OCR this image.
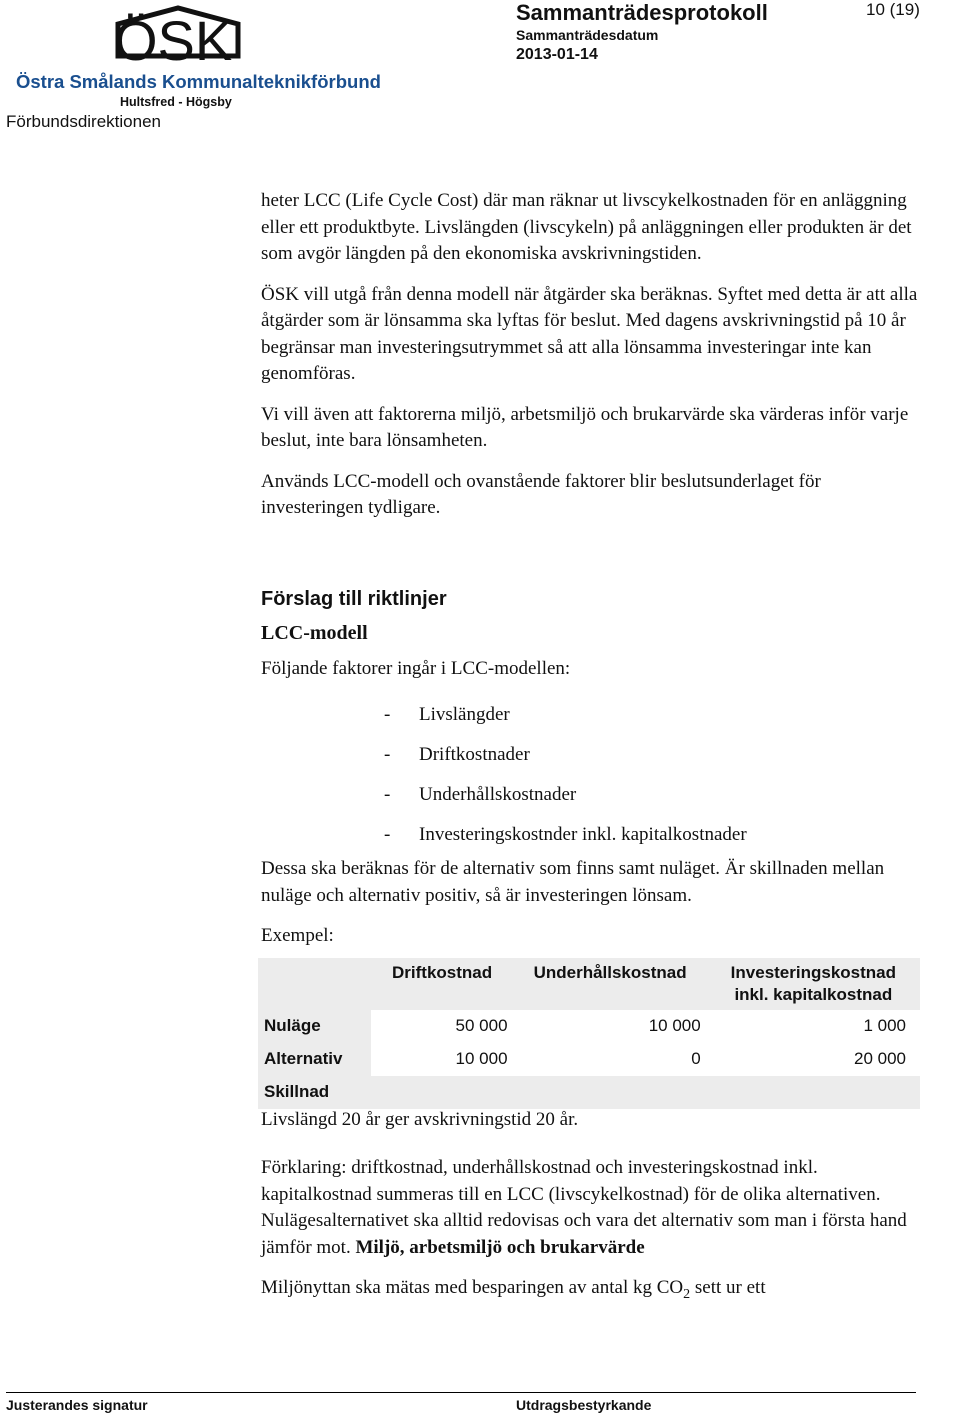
ÖSK
Östra Smålands Kommunalteknikförbund
Hultsfred - Högsby
Förbundsdirektionen
Sammanträdesprotokoll
Sammanträdesdatum
2013-01-14
10 (19)

heter LCC (Life Cycle Cost) där man räknar ut livscykelkostnaden för en anläggning eller ett produktbyte. Livslängden (livscykeln) på anläggningen eller produkten är det som avgör längden på den ekonomiska avskrivningstiden.

ÖSK vill utgå från denna modell när åtgärder ska beräknas. Syftet med detta är att alla åtgärder som är lönsamma ska lyftas för beslut. Med dagens avskrivningstid på 10 år begränsar man investeringsutrymmet så att alla lönsamma investeringar inte kan genomföras.

Vi vill även att faktorerna miljö, arbetsmiljö och brukarvärde ska värderas inför varje beslut, inte bara lönsamheten.

Används LCC-modell och ovanstående faktorer blir beslutsunderlaget för investeringen tydligare.

Förslag till riktlinjer
LCC-modell

Följande faktorer ingår i LCC-modellen:

- Livslängder
- Driftkostnader
- Underhållskostnader
- Investeringskostnder inkl. kapitalkostnader

Dessa ska beräknas för de alternativ som finns samt nuläget. Är skillnaden mellan nuläge och alternativ positiv, så är investeringen lönsam.

Exempel:

	Driftkostnad	Underhållskostnad	Investeringskostnad inkl. kapitalkostnad
Nuläge	50 000	10 000	1 000
Alternativ	10 000	0	20 000
Skillnad			

Livslängd 20 år ger avskrivningstid 20 år.

Förklaring: driftkostnad, underhållskostnad och investeringskostnad inkl. kapitalkostnad summeras till en LCC (livscykelkostnad) för de olika alternativen. Nulägesalternativet ska alltid redovisas och vara det alternativ som man i första hand jämför mot. Miljö, arbetsmiljö och brukarvärde

Miljönyttan ska mätas med besparingen av antal kg $CO_2$ sett ur ett

Justerandes signatur	Utdragsbestyrkande
